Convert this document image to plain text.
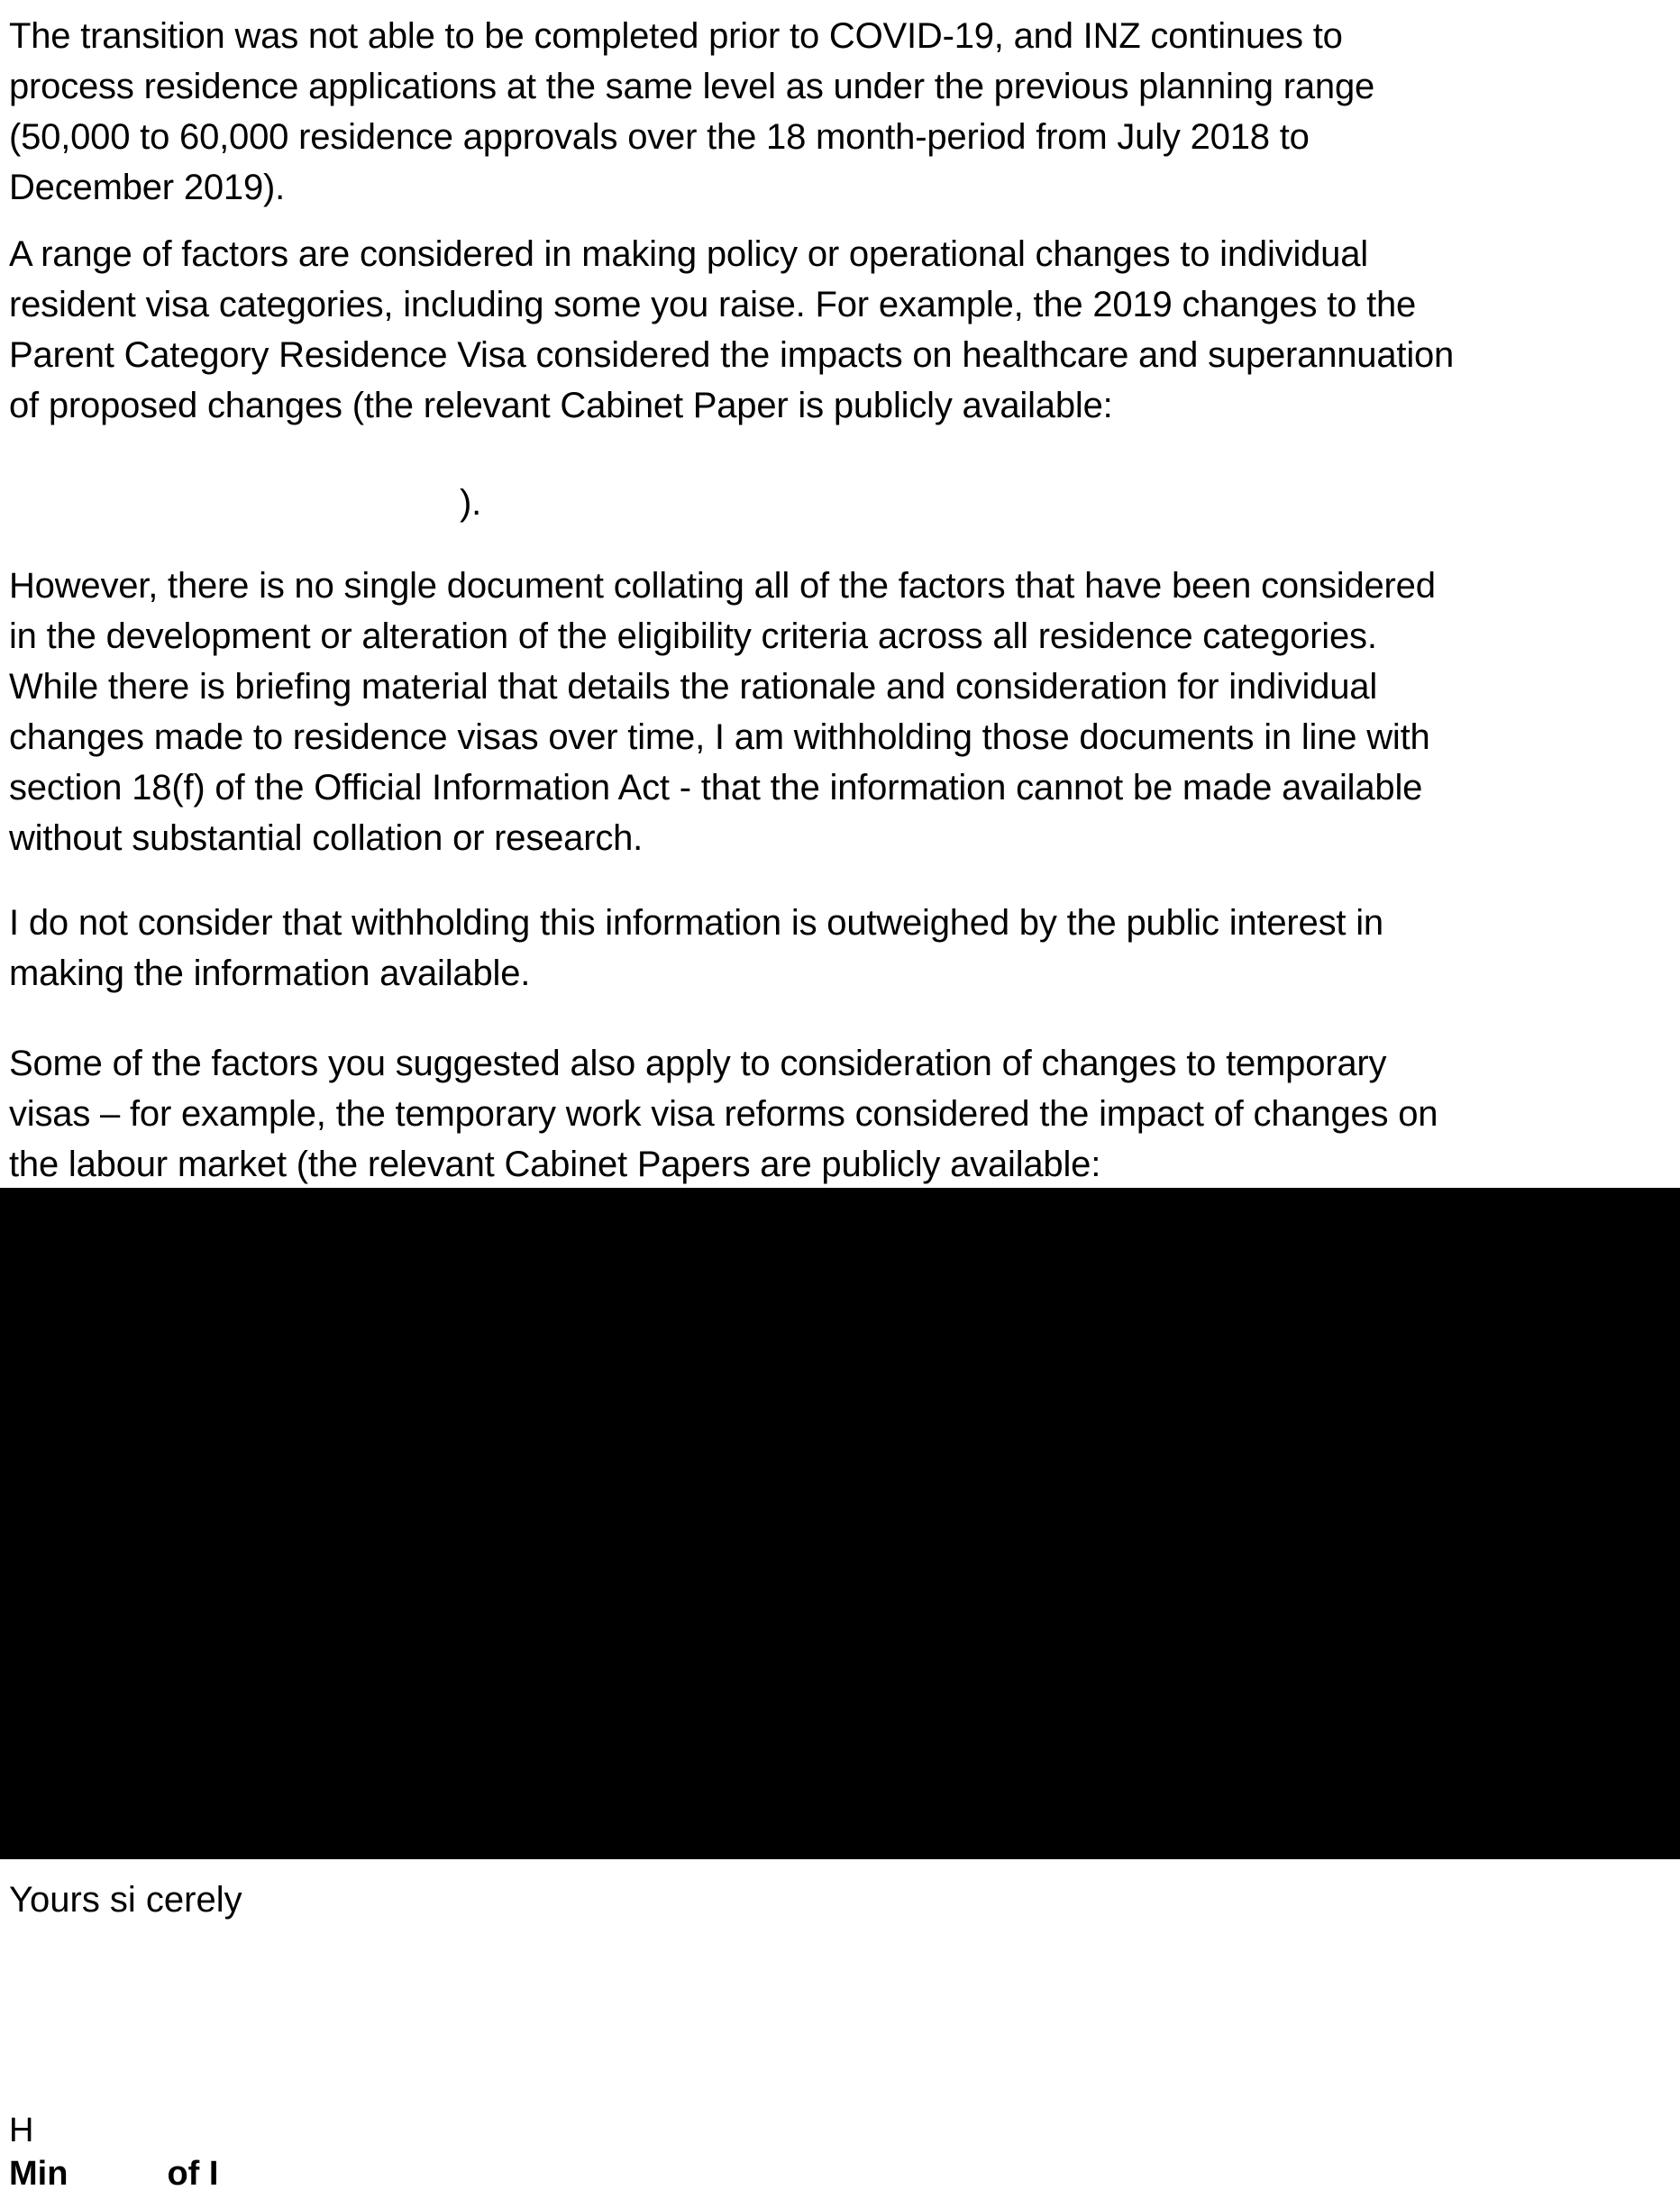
The transition was not able to be completed prior to COVID-19, and INZ continues to
process residence applications at the same level as under the previous planning range
(50,000 to 60,000 residence approvals over the 18 month-period from July 2018 to
December 2019).
A range of factors are considered in making policy or operational changes to individual
resident visa categories, including some you raise. For example, the 2019 changes to the
Parent Category Residence Visa considered the impacts on healthcare and superannuation
of proposed changes (the relevant Cabinet Paper is publicly available:
).
However, there is no single document collating all of the factors that have been considered
in the development or alteration of the eligibility criteria across all residence categories.
While there is briefing material that details the rationale and consideration for individual
changes made to residence visas over time, I am withholding those documents in line with
section 18(f) of the Official Information Act - that the information cannot be made available
without substantial collation or research.
I do not consider that withholding this information is outweighed by the public interest in
making the information available.
Some of the factors you suggested also apply to consideration of changes to temporary
visas – for example, the temporary work visa reforms considered the impact of changes on
the labour market (the relevant Cabinet Papers are publicly available:

Yours si cerely

H

Min	of I
